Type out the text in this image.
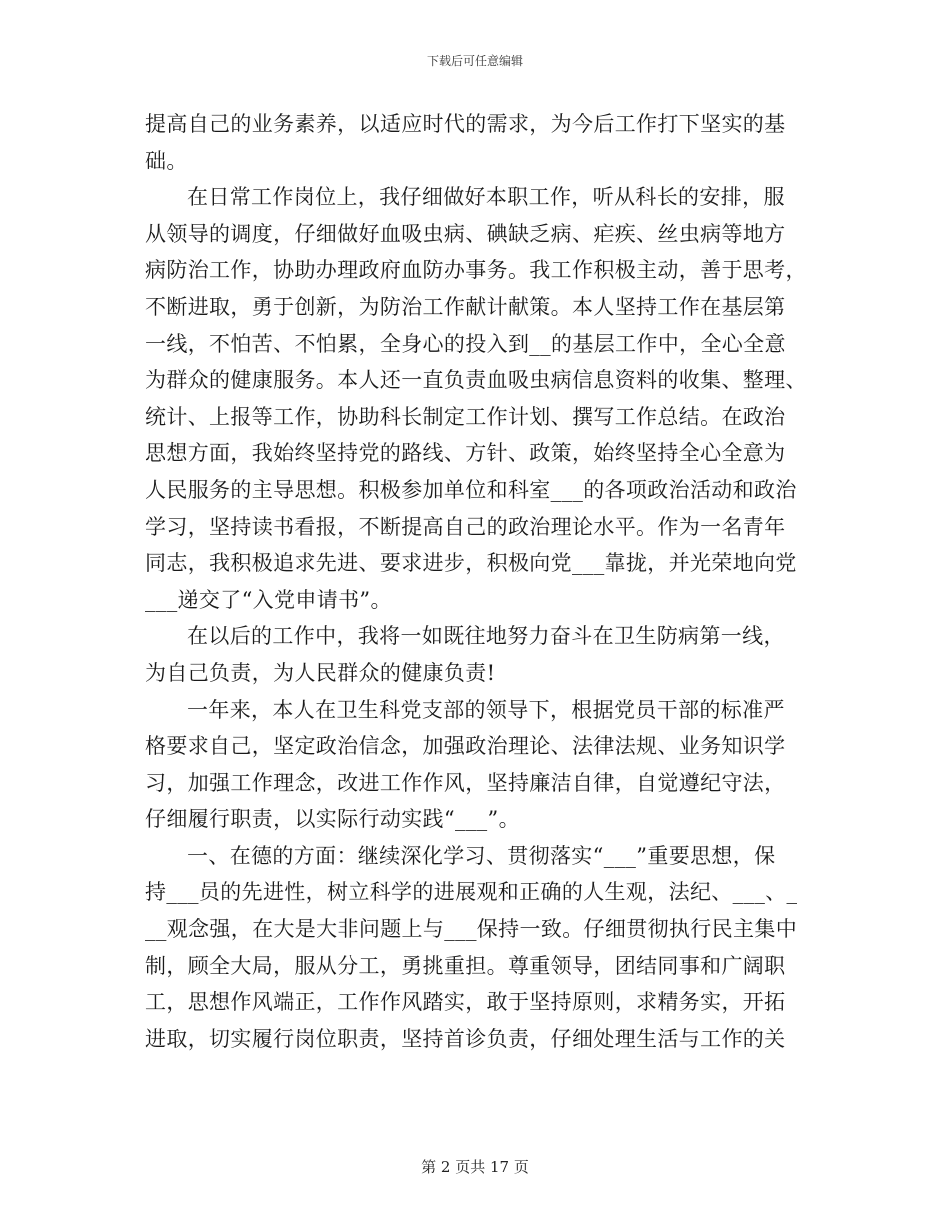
下载后可任意编辑
提高自己的业务素养，以适应时代的需求，为今后工作打下坚实的基
础。
在日常工作岗位上，我仔细做好本职工作，听从科长的安排，服
从领导的调度，仔细做好血吸虫病、碘缺乏病、疟疾、丝虫病等地方
病防治工作，协助办理政府血防办事务。我工作积极主动，善于思考，
不断进取，勇于创新，为防治工作献计献策。本人坚持工作在基层第
一线，不怕苦、不怕累，全身心的投入到__的基层工作中，全心全意
为群众的健康服务。本人还一直负责血吸虫病信息资料的收集、整理、
统计、上报等工作，协助科长制定工作计划、撰写工作总结。在政治
思想方面，我始终坚持党的路线、方针、政策，始终坚持全心全意为
人民服务的主导思想。积极参加单位和科室___的各项政治活动和政治
学习，坚持读书看报，不断提高自己的政治理论水平。作为一名青年
同志，我积极追求先进、要求进步，积极向党___靠拢，并光荣地向党
___递交了“入党申请书”。
在以后的工作中，我将一如既往地努力奋斗在卫生防病第一线，
为自己负责，为人民群众的健康负责!
一年来，本人在卫生科党支部的领导下，根据党员干部的标准严
格要求自己，坚定政治信念，加强政治理论、法律法规、业务知识学
习，加强工作理念，改进工作作风，坚持廉洁自律，自觉遵纪守法，
仔细履行职责，以实际行动实践“___”。
一、在德的方面：继续深化学习、贯彻落实“___”重要思想，保
持___员的先进性，树立科学的进展观和正确的人生观，法纪、___、_
__观念强，在大是大非问题上与___保持一致。仔细贯彻执行民主集中
制，顾全大局，服从分工，勇挑重担。尊重领导，团结同事和广阔职
工，思想作风端正，工作作风踏实，敢于坚持原则，求精务实，开拓
进取，切实履行岗位职责，坚持首诊负责，仔细处理生活与工作的关
第 2 页共 17 页
